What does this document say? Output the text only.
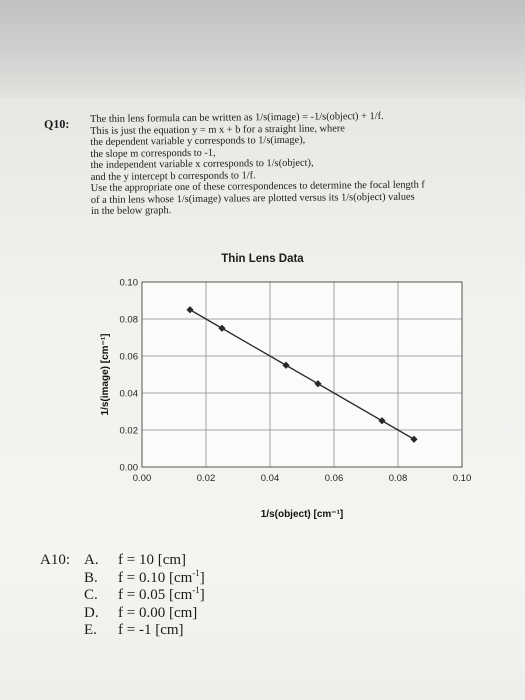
Q10: The thin lens formula can be written as 1/s(image) = -1/s(object) + 1/f.
This is just the equation y = m x + b for a straight line, where
the dependent variable y corresponds to 1/s(image),
the slope m corresponds to -1,
the independent variable x corresponds to 1/s(object),
and the y intercept b corresponds to 1/f.
Use the appropriate one of these correspondences to determine the focal length f
of a thin lens whose 1/s(image) values are plotted versus its 1/s(object) values
in the below graph.
Thin Lens Data
0.00	0.02	0.04	0.06	0.08	0.10
0.00
0.02
0.04
0.06
0.08
0.10
1/s(object) [cm⁻¹]
1/s(image) [cm⁻¹]
A10: A.	f = 10 [cm]
B.	f = 0.10 $[cm^{-1}]$
C.	f = 0.05 $[cm^{-1}]$
D.	f = 0.00 [cm]
E.	f = -1 [cm]
